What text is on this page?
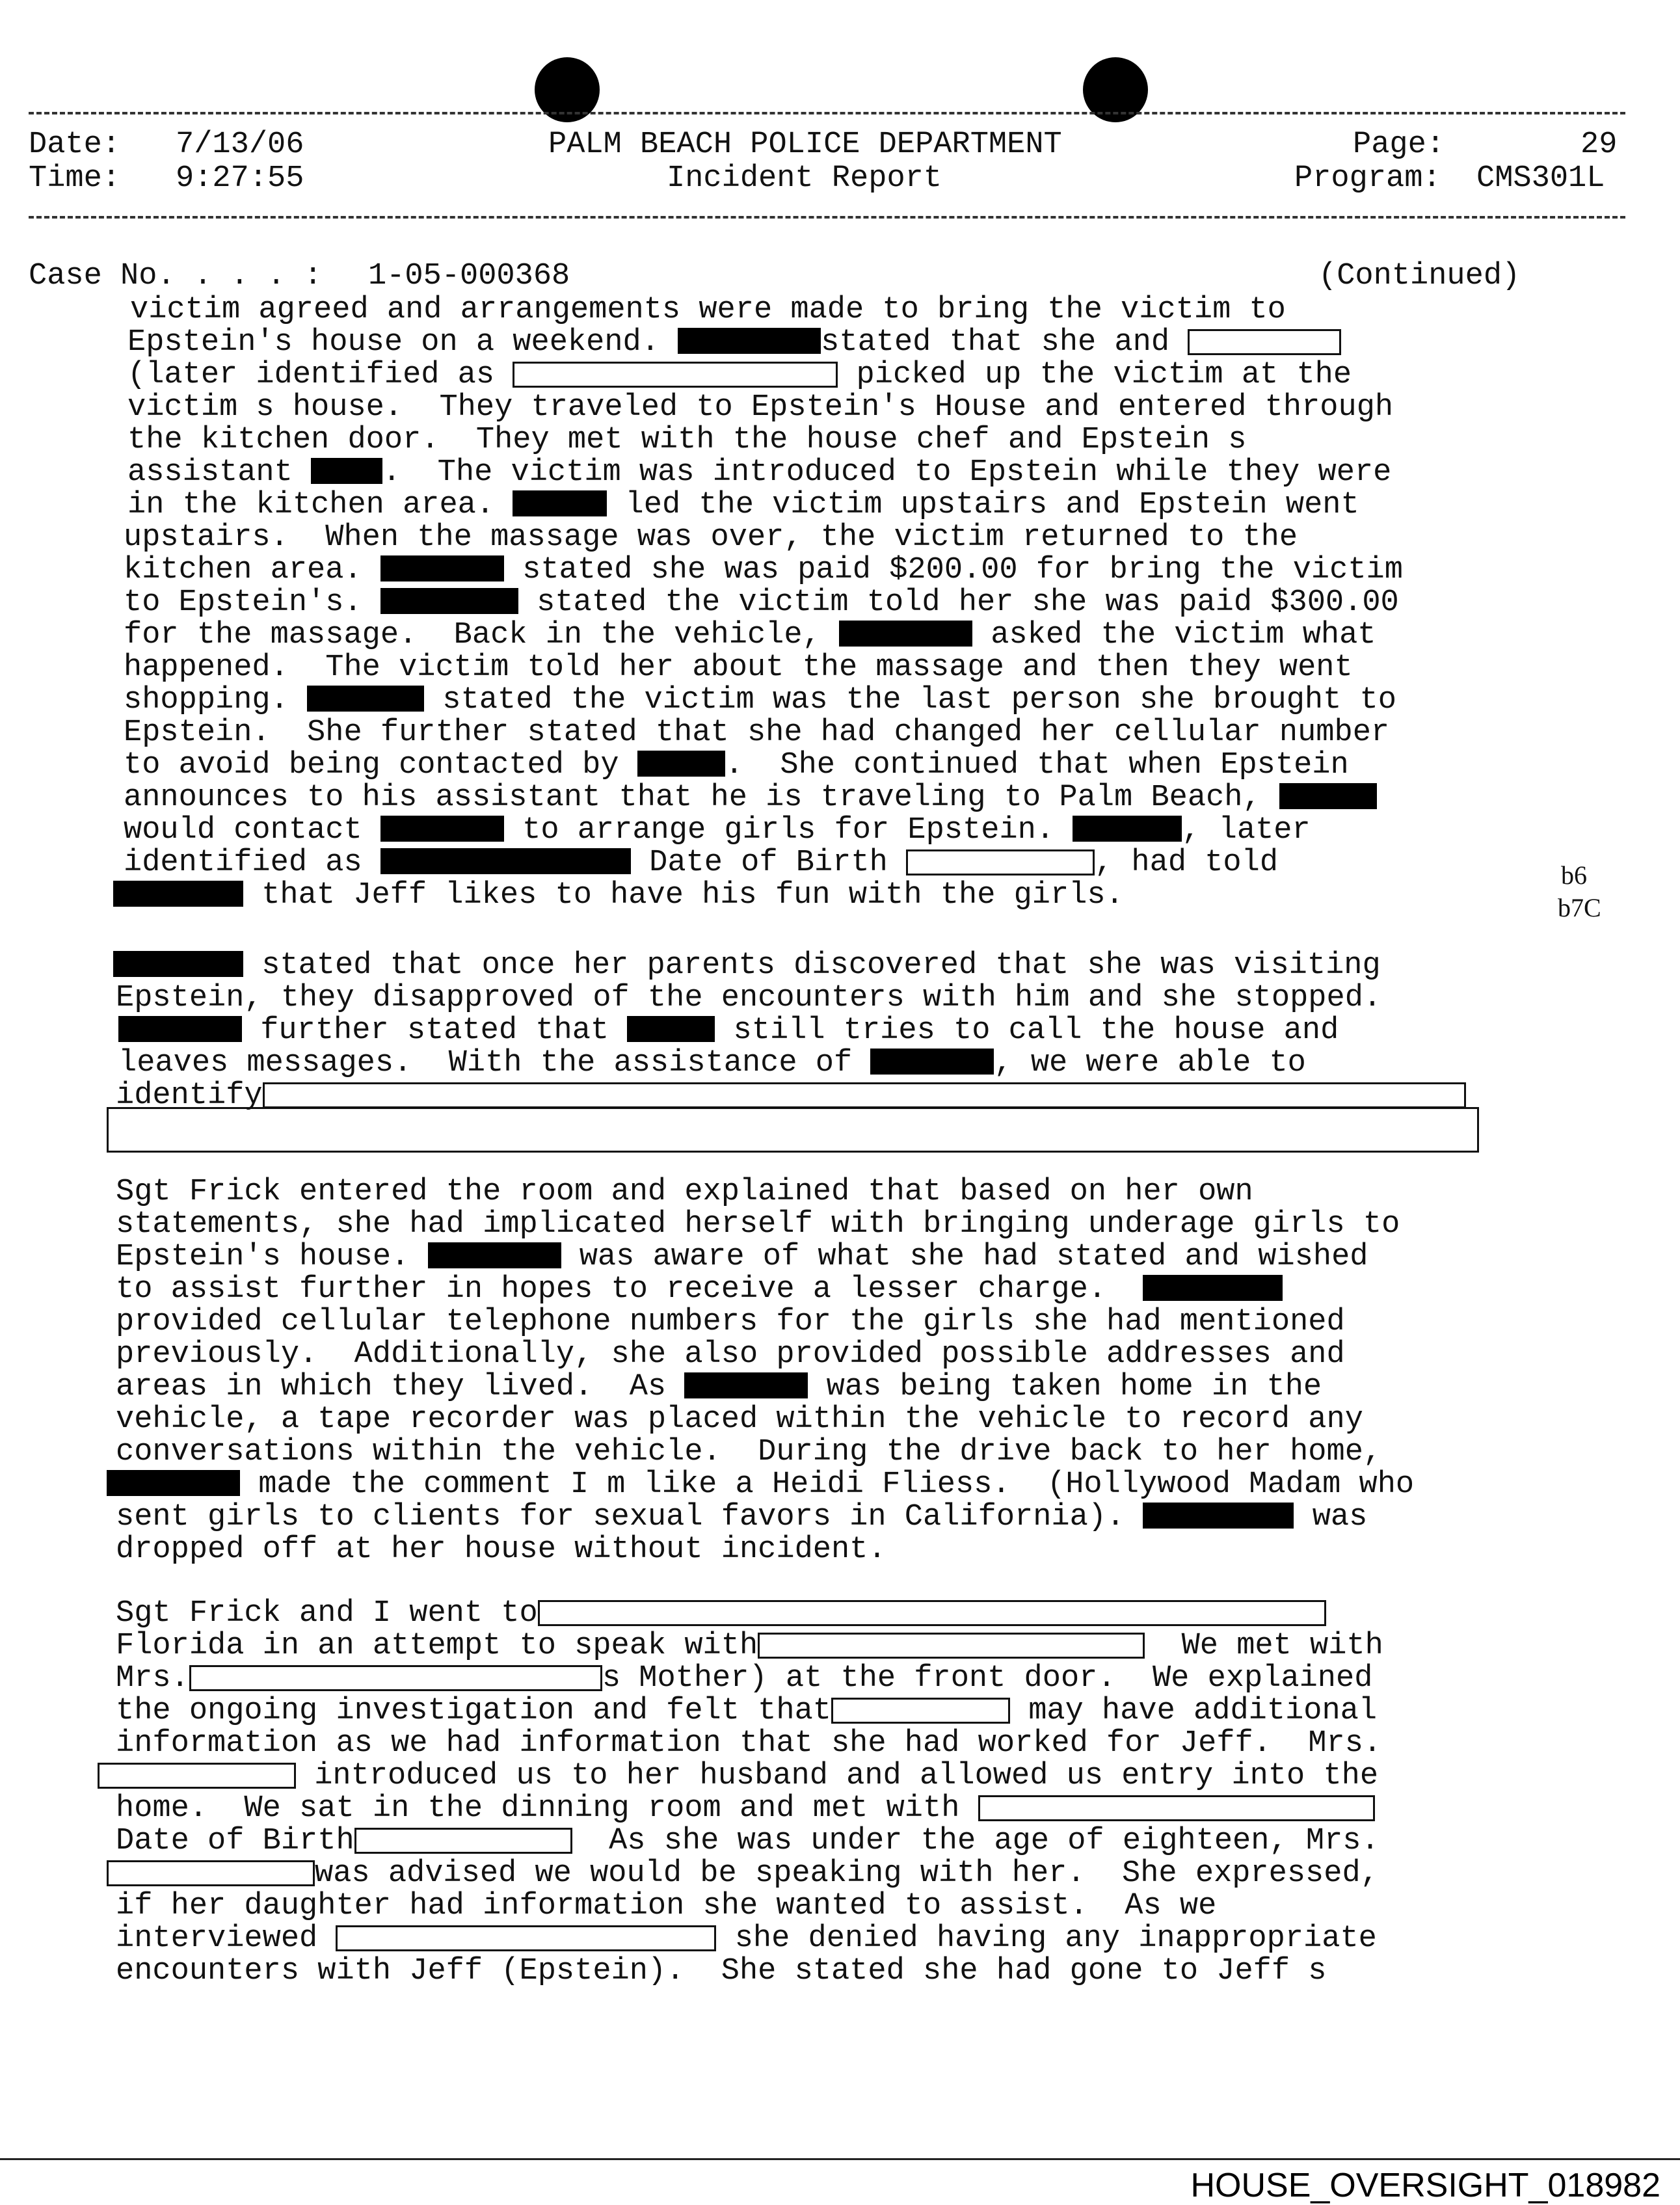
Date: 7/13/06
Time: 9:27:55
PALM BEACH POLICE DEPARTMENT
Incident Report
Page:	29
Program: CMS301L
Case No. . . . : 1-05-000368	(Continued)
victim agreed and arrangements were made to bring the victim to
Epstein's house on a weekend.	stated that she and
(later identified as	picked up the victim at the
victim s house.  They traveled to Epstein's House and entered through
the kitchen door.  They met with the house chef and Epstein s
assistant	.  The victim was introduced to Epstein while they were
in the kitchen area.	led the victim upstairs and Epstein went
upstairs.  When the massage was over, the victim returned to the
kitchen area.	stated she was paid $200.00 for bring the victim
to Epstein's.	stated the victim told her she was paid $300.00
for the massage.  Back in the vehicle,	asked the victim what
happened.  The victim told her about the massage and then they went
shopping.	stated the victim was the last person she brought to
Epstein.  She further stated that she had changed her cellular number
to avoid being contacted by	.  She continued that when Epstein
announces to his assistant that he is traveling to Palm Beach,
would contact	to arrange girls for Epstein.	, later
identified as	Date of Birth	, had told
that Jeff likes to have his fun with the girls.
b6
b7C
stated that once her parents discovered that she was visiting
Epstein, they disapproved of the encounters with him and she stopped.
further stated that	still tries to call the house and
leaves messages.  With the assistance of	, we were able to
identify
Sgt Frick entered the room and explained that based on her own
statements, she had implicated herself with bringing underage girls to
Epstein's house.	was aware of what she had stated and wished
to assist further in hopes to receive a lesser charge.
provided cellular telephone numbers for the girls she had mentioned
previously.  Additionally, she also provided possible addresses and
areas in which they lived.  As	was being taken home in the
vehicle, a tape recorder was placed within the vehicle to record any
conversations within the vehicle.  During the drive back to her home,
made the comment I m like a Heidi Fliess.  (Hollywood Madam who
sent girls to clients for sexual favors in California).	was
dropped off at her house without incident.
Sgt Frick and I went to
Florida in an attempt to speak with	We met with
Mrs.	s Mother) at the front door.  We explained
the ongoing investigation and felt that	may have additional
information as we had information that she had worked for Jeff.  Mrs.
introduced us to her husband and allowed us entry into the
home.  We sat in the dinning room and met with
Date of Birth	As she was under the age of eighteen, Mrs.
was advised we would be speaking with her.  She expressed,
if her daughter had information she wanted to assist.  As we
interviewed	she denied having any inappropriate
encounters with Jeff (Epstein).  She stated she had gone to Jeff s
HOUSE_OVERSIGHT_018982
